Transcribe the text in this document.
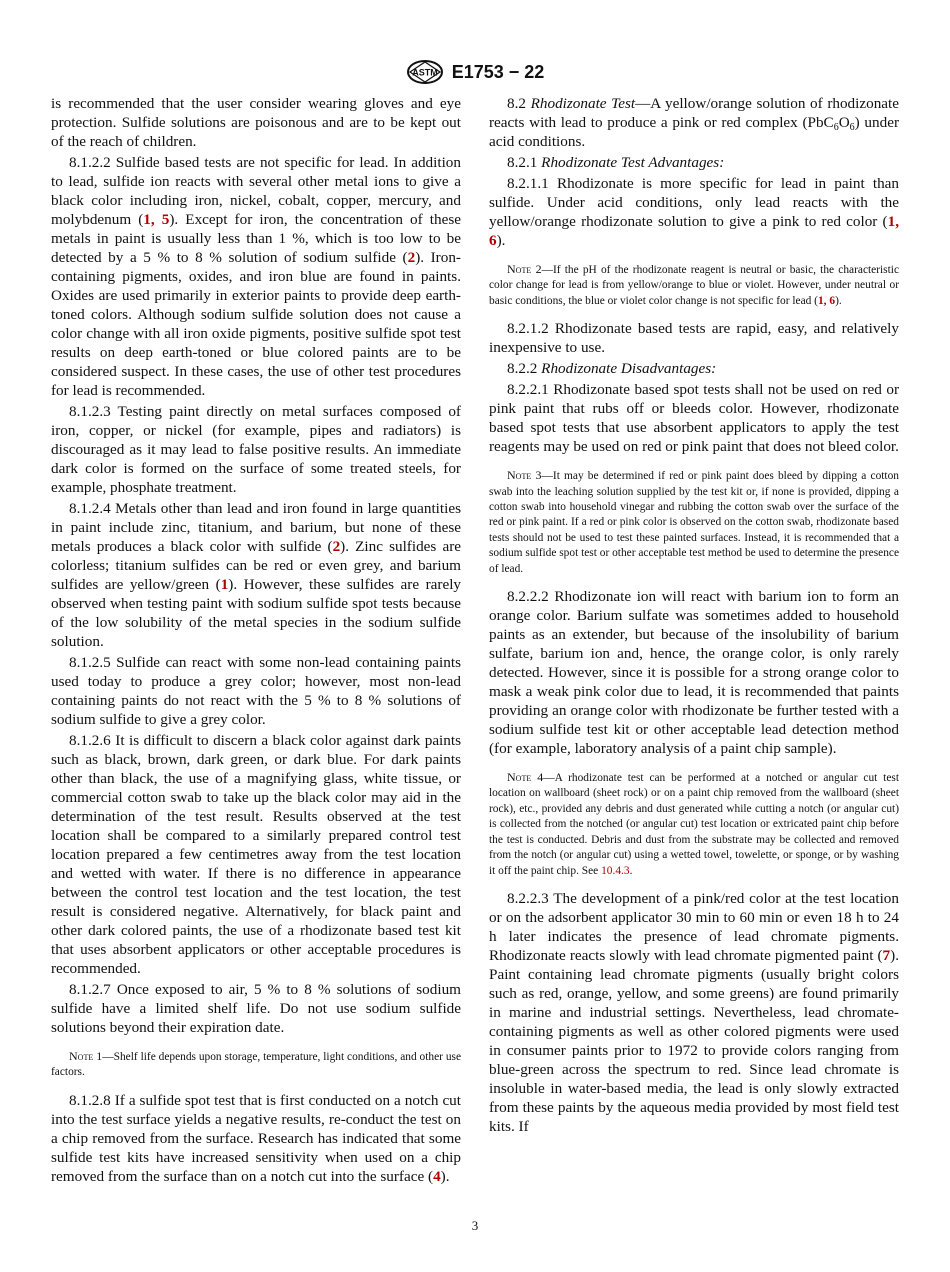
ASTM E1753 − 22

is recommended that the user consider wearing gloves and eye protection. Sulfide solutions are poisonous and are to be kept out of the reach of children.

8.1.2.2 Sulfide based tests are not specific for lead. In addition to lead, sulfide ion reacts with several other metal ions to give a black color including iron, nickel, cobalt, copper, mercury, and molybdenum (1, 5). Except for iron, the concentration of these metals in paint is usually less than 1 %, which is too low to be detected by a 5 % to 8 % solution of sodium sulfide (2). Iron-containing pigments, oxides, and iron blue are found in paints. Oxides are used primarily in exterior paints to provide deep earth-toned colors. Although sodium sulfide solution does not cause a color change with all iron oxide pigments, positive sulfide spot test results on deep earth-toned or blue colored paints are to be considered suspect. In these cases, the use of other test procedures for lead is recommended.

8.1.2.3 Testing paint directly on metal surfaces composed of iron, copper, or nickel (for example, pipes and radiators) is discouraged as it may lead to false positive results. An immediate dark color is formed on the surface of some treated steels, for example, phosphate treatment.

8.1.2.4 Metals other than lead and iron found in large quantities in paint include zinc, titanium, and barium, but none of these metals produces a black color with sulfide (2). Zinc sulfides are colorless; titanium sulfides can be red or even grey, and barium sulfides are yellow/green (1). However, these sulfides are rarely observed when testing paint with sodium sulfide spot tests because of the low solubility of the metal species in the sodium sulfide solution.

8.1.2.5 Sulfide can react with some non-lead containing paints used today to produce a grey color; however, most non-lead containing paints do not react with the 5 % to 8 % solutions of sodium sulfide to give a grey color.

8.1.2.6 It is difficult to discern a black color against dark paints such as black, brown, dark green, or dark blue. For dark paints other than black, the use of a magnifying glass, white tissue, or commercial cotton swab to take up the black color may aid in the determination of the test result. Results observed at the test location shall be compared to a similarly prepared control test location prepared a few centimetres away from the test location and wetted with water. If there is no difference in appearance between the control test location and the test location, the test result is considered negative. Alternatively, for black paint and other dark colored paints, the use of a rhodizonate based test kit that uses absorbent applicators or other acceptable procedures is recommended.

8.1.2.7 Once exposed to air, 5 % to 8 % solutions of sodium sulfide have a limited shelf life. Do not use sodium sulfide solutions beyond their expiration date.

Note 1—Shelf life depends upon storage, temperature, light conditions, and other use factors.

8.1.2.8 If a sulfide spot test that is first conducted on a notch cut into the test surface yields a negative results, re-conduct the test on a chip removed from the surface. Research has indicated that some sulfide test kits have increased sensitivity when used on a chip removed from the surface than on a notch cut into the surface (4).

8.2 Rhodizonate Test—A yellow/orange solution of rhodizonate reacts with lead to produce a pink or red complex $(PbC_6O_6)$ under acid conditions.

8.2.1 Rhodizonate Test Advantages:

8.2.1.1 Rhodizonate is more specific for lead in paint than sulfide. Under acid conditions, only lead reacts with the yellow/orange rhodizonate solution to give a pink to red color (1, 6).

Note 2—If the pH of the rhodizonate reagent is neutral or basic, the characteristic color change for lead is from yellow/orange to blue or violet. However, under neutral or basic conditions, the blue or violet color change is not specific for lead (1, 6).

8.2.1.2 Rhodizonate based tests are rapid, easy, and relatively inexpensive to use.

8.2.2 Rhodizonate Disadvantages:

8.2.2.1 Rhodizonate based spot tests shall not be used on red or pink paint that rubs off or bleeds color. However, rhodizonate based spot tests that use absorbent applicators to apply the test reagents may be used on red or pink paint that does not bleed color.

Note 3—It may be determined if red or pink paint does bleed by dipping a cotton swab into the leaching solution supplied by the test kit or, if none is provided, dipping a cotton swab into household vinegar and rubbing the cotton swab over the surface of the red or pink paint. If a red or pink color is observed on the cotton swab, rhodizonate based tests should not be used to test these painted surfaces. Instead, it is recommended that a sodium sulfide spot test or other acceptable test method be used to determine the presence of lead.

8.2.2.2 Rhodizonate ion will react with barium ion to form an orange color. Barium sulfate was sometimes added to household paints as an extender, but because of the insolubility of barium sulfate, barium ion and, hence, the orange color, is only rarely detected. However, since it is possible for a strong orange color to mask a weak pink color due to lead, it is recommended that paints providing an orange color with rhodizonate be further tested with a sodium sulfide test kit or other acceptable lead detection method (for example, laboratory analysis of a paint chip sample).

Note 4—A rhodizonate test can be performed at a notched or angular cut test location on wallboard (sheet rock) or on a paint chip removed from the wallboard (sheet rock), etc., provided any debris and dust generated while cutting a notch (or angular cut) is collected from the notched (or angular cut) test location or extricated paint chip before the test is conducted. Debris and dust from the substrate may be collected and removed from the notch (or angular cut) using a wetted towel, towelette, or sponge, or by washing it off the paint chip. See 10.4.3.

8.2.2.3 The development of a pink/red color at the test location or on the adsorbent applicator 30 min to 60 min or even 18 h to 24 h later indicates the presence of lead chromate pigments. Rhodizonate reacts slowly with lead chromate pigmented paint (7). Paint containing lead chromate pigments (usually bright colors such as red, orange, yellow, and some greens) are found primarily in marine and industrial settings. Nevertheless, lead chromate-containing pigments as well as other colored pigments were used in consumer paints prior to 1972 to provide colors ranging from blue-green across the spectrum to red. Since lead chromate is insoluble in water-based media, the lead is only slowly extracted from these paints by the aqueous media provided by most field test kits. If

3
